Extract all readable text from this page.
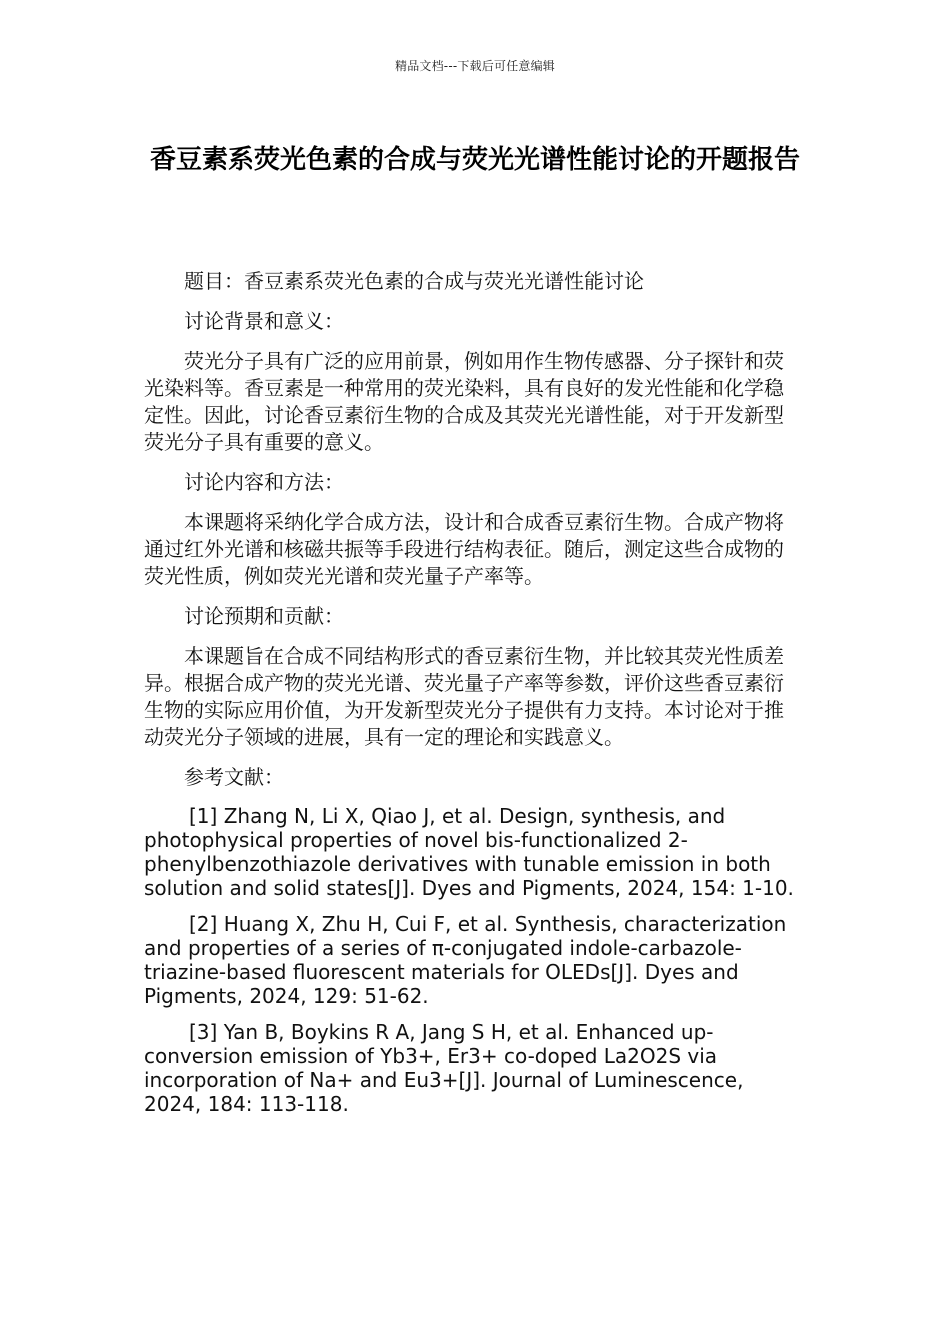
精品文档---下载后可任意编辑
香豆素系荧光色素的合成与荧光光谱性能讨论的开题报告

题目：香豆素系荧光色素的合成与荧光光谱性能讨论

讨论背景和意义：

荧光分子具有广泛的应用前景，例如用作生物传感器、分子探针和荧光染料等。香豆素是一种常用的荧光染料，具有良好的发光性能和化学稳定性。因此，讨论香豆素衍生物的合成及其荧光光谱性能，对于开发新型荧光分子具有重要的意义。

讨论内容和方法：

本课题将采纳化学合成方法，设计和合成香豆素衍生物。合成产物将通过红外光谱和核磁共振等手段进行结构表征。随后，测定这些合成物的荧光性质，例如荧光光谱和荧光量子产率等。

讨论预期和贡献：

本课题旨在合成不同结构形式的香豆素衍生物，并比较其荧光性质差异。根据合成产物的荧光光谱、荧光量子产率等参数，评价这些香豆素衍生物的实际应用价值，为开发新型荧光分子提供有力支持。本讨论对于推动荧光分子领域的进展，具有一定的理论和实践意义。

参考文献：

[1] Zhang N, Li X, Qiao J, et al. Design, synthesis, and photophysical properties of novel bis-functionalized 2-phenylbenzothiazole derivatives with tunable emission in both solution and solid states[J]. Dyes and Pigments, 2024, 154: 1-10.

[2] Huang X, Zhu H, Cui F, et al. Synthesis, characterization and properties of a series of π-conjugated indole-carbazole-triazine-based fluorescent materials for OLEDs[J]. Dyes and Pigments, 2024, 129: 51-62.

[3] Yan B, Boykins R A, Jang S H, et al. Enhanced up-conversion emission of Yb3+, Er3+ co-doped La2O2S via incorporation of Na+ and Eu3+[J]. Journal of Luminescence, 2024, 184: 113-118.
